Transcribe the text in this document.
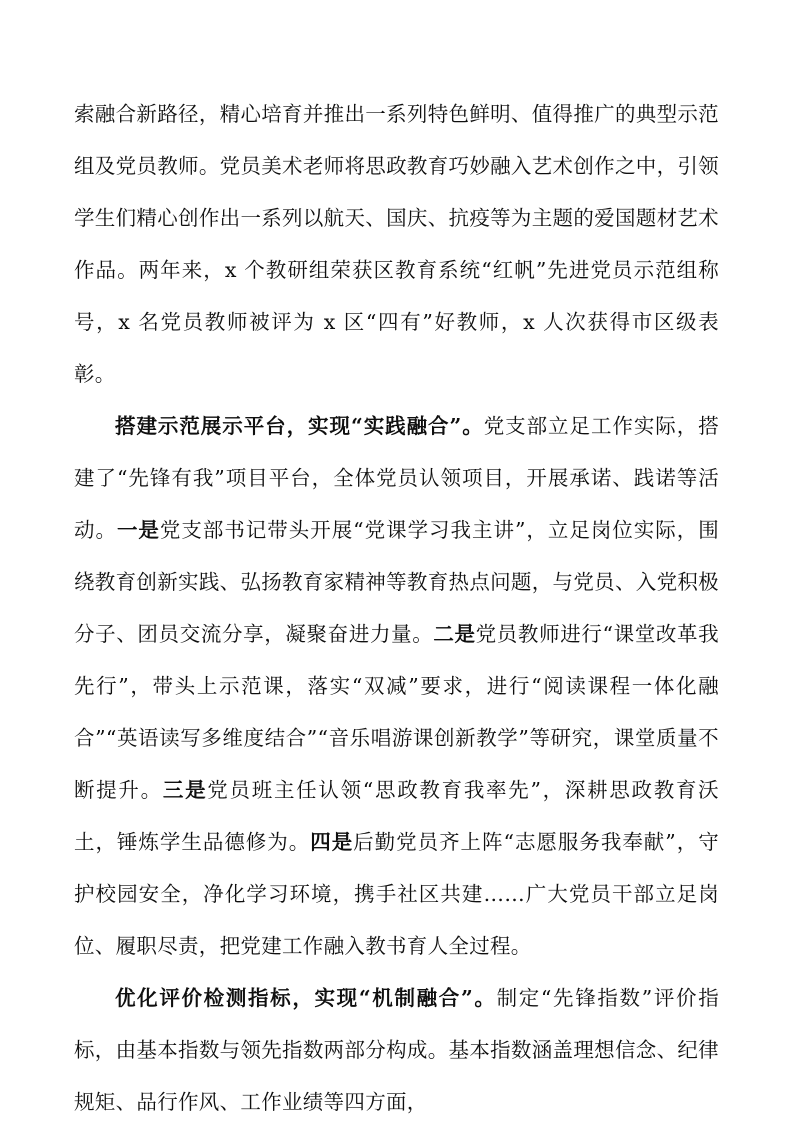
索融合新路径，精心培育并推出一系列特色鲜明、值得推广的典型示范组及党员教师。党员美术老师将思政教育巧妙融入艺术创作之中，引领学生们精心创作出一系列以航天、国庆、抗疫等为主题的爱国题材艺术作品。两年来，x 个教研组荣获区教育系统“红帆”先进党员示范组称号，x 名党员教师被评为 x 区“四有”好教师，x 人次获得市区级表彰。

搭建示范展示平台，实现“实践融合”。党支部立足工作实际，搭建了“先锋有我”项目平台，全体党员认领项目，开展承诺、践诺等活动。一是党支部书记带头开展“党课学习我主讲”，立足岗位实际，围绕教育创新实践、弘扬教育家精神等教育热点问题，与党员、入党积极分子、团员交流分享，凝聚奋进力量。二是党员教师进行“课堂改革我先行”，带头上示范课，落实“双减”要求，进行“阅读课程一体化融合”“英语读写多维度结合”“音乐唱游课创新教学”等研究，课堂质量不断提升。三是党员班主任认领“思政教育我率先”，深耕思政教育沃土，锤炼学生品德修为。四是后勤党员齐上阵“志愿服务我奉献”，守护校园安全，净化学习环境，携手社区共建……广大党员干部立足岗位、履职尽责，把党建工作融入教书育人全过程。

优化评价检测指标，实现“机制融合”。制定“先锋指数”评价指标，由基本指数与领先指数两部分构成。基本指数涵盖理想信念、纪律规矩、品行作风、工作业绩等四方面，
